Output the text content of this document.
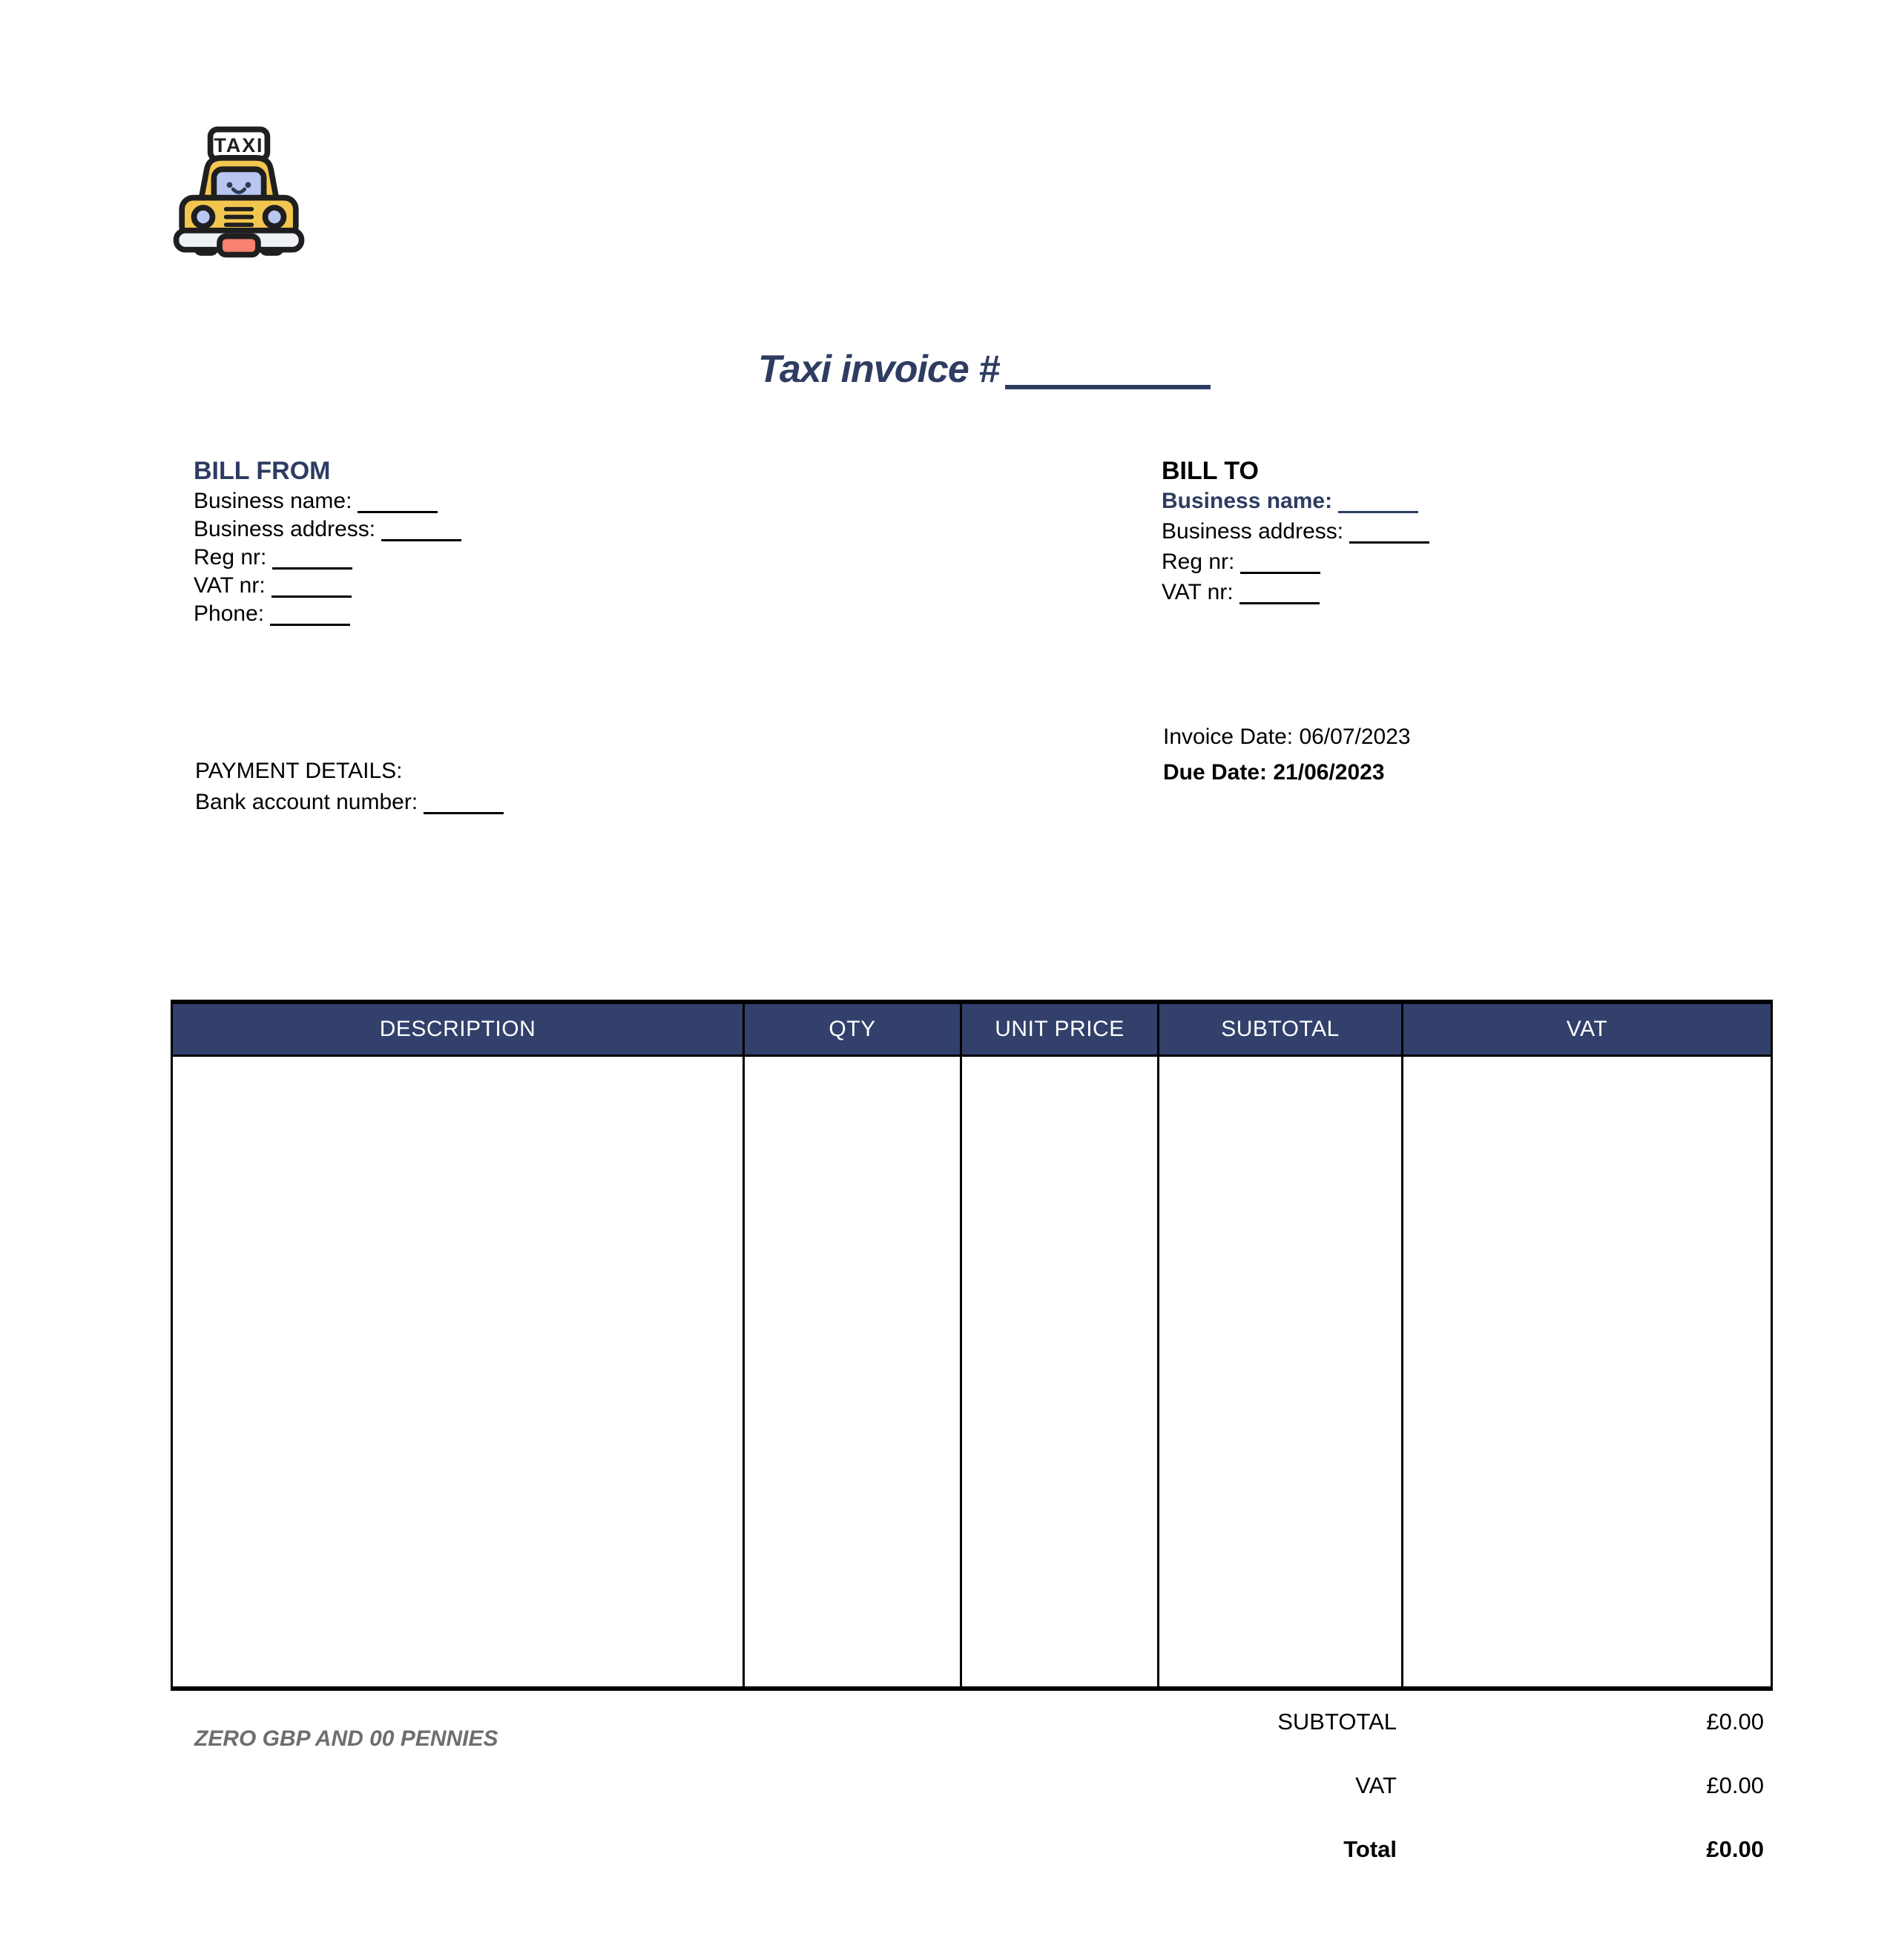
TAXI
Taxi invoice #
BILL FROM
Business name:
Business address:
Reg nr:
VAT nr:
Phone:
BILL TO
Business name:
Business address:
Reg nr:
VAT nr:
Invoice Date: 06/07/2023
Due Date: 21/06/2023
PAYMENT DETAILS:
Bank account number:
DESCRIPTION	QTY	UNIT PRICE	SUBTOTAL	VAT
SUBTOTAL	£0.00
VAT	£0.00
Total	£0.00
ZERO GBP AND 00 PENNIES
